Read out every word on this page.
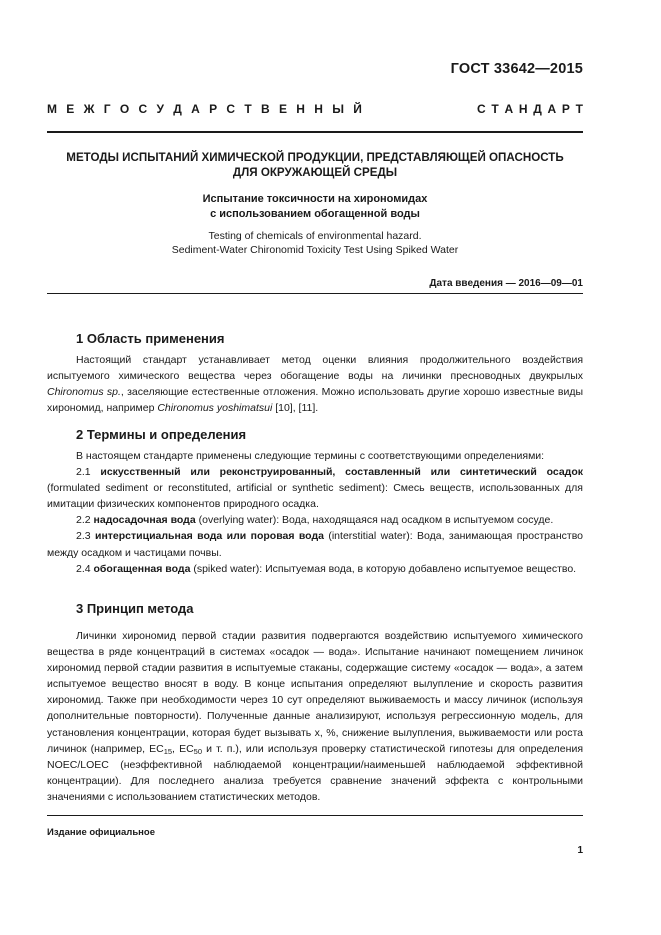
ГОСТ 33642—2015
М Е Ж Г О С У Д А Р С Т В Е Н Н Ы Й	С Т А Н Д А Р Т
МЕТОДЫ ИСПЫТАНИЙ ХИМИЧЕСКОЙ ПРОДУКЦИИ, ПРЕДСТАВЛЯЮЩЕЙ ОПАСНОСТЬ
ДЛЯ ОКРУЖАЮЩЕЙ СРЕДЫ
Испытание токсичности на хирономидах
с использованием обогащенной воды
Testing of chemicals of environmental hazard.
Sediment-Water Chironomid Toxicity Test Using Spiked Water
Дата введения — 2016—09—01
1 Область применения

Настоящий стандарт устанавливает метод оценки влияния продолжительного воздействия испытуемого химического вещества через обогащение воды на личинки пресноводных двукрылых Chironomus sp., заселяющие естественные отложения. Можно использовать другие хорошо известные виды хирономид, например Chironomus yoshimatsui [10], [11].

2 Термины и определения

В настоящем стандарте применены следующие термины с соответствующими определениями:

2.1 искусственный или реконструированный, составленный или синтетический осадок (formulated sediment or reconstituted, artificial or synthetic sediment): Смесь веществ, использованных для имитации физических компонентов природного осадка.

2.2 надосадочная вода (overlying water): Вода, находящаяся над осадком в испытуемом сосуде.

2.3 интерстициальная вода или поровая вода (interstitial water): Вода, занимающая пространство между осадком и частицами почвы.

2.4 обогащенная вода (spiked water): Испытуемая вода, в которую добавлено испытуемое вещество.

3 Принцип метода

Личинки хирономид первой стадии развития подвергаются воздействию испытуемого химического вещества в ряде концентраций в системах «осадок — вода». Испытание начинают помещением личинок хирономид первой стадии развития в испытуемые стаканы, содержащие систему «осадок — вода», а затем испытуемое вещество вносят в воду. В конце испытания определяют вылупление и скорость развития хирономид. Также при необходимости через 10 сут определяют выживаемость и массу личинок (используя дополнительные повторности). Полученные данные анализируют, используя регрессионную модель, для установления концентрации, которая будет вызывать x, %, снижение вылупления, выживаемости или роста личинок (например, $EC_{15}$, $EC_{50}$ и т. п.), или используя проверку статистической гипотезы для определения NOEC/LOEC (неэффективной наблюдаемой концентрации/наименьшей наблюдаемой эффективной концентрации). Для последнего анализа требуется сравнение значений эффекта с контрольными значениями с использованием статистических методов.

Издание официальное
1
